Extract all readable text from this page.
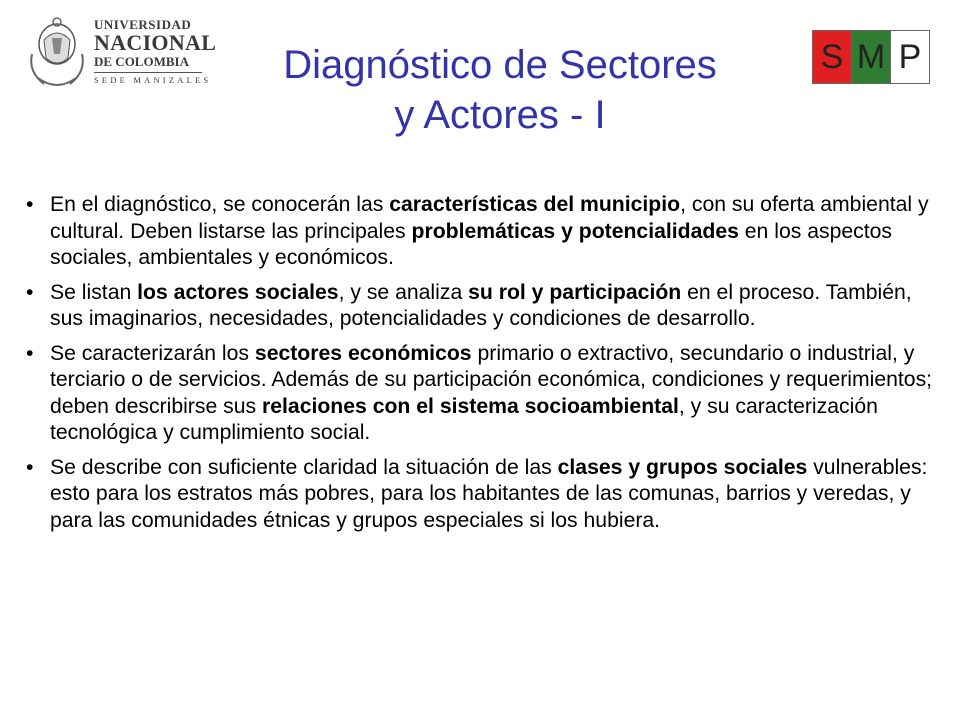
UNIVERSIDAD
NACIONAL
DE COLOMBIA
SEDE MANIZALES	Diagnóstico de Sectores
y Actores - I
S M P
• En el diagnóstico, se conocerán las características del municipio, con su oferta ambiental y cultural. Deben listarse las principales problemáticas y potencialidades en los aspectos sociales, ambientales y económicos.
• Se listan los actores sociales, y se analiza su rol y participación en el proceso. También, sus imaginarios, necesidades, potencialidades y condiciones de desarrollo.
• Se caracterizarán los sectores económicos primario o extractivo, secundario o industrial, y terciario o de servicios. Además de su participación económica, condiciones y requerimientos; deben describirse sus relaciones con el sistema socioambiental, y su caracterización tecnológica y cumplimiento social.
• Se describe con suficiente claridad la situación de las clases y grupos sociales vulnerables: esto para los estratos más pobres, para los habitantes de las comunas, barrios y veredas, y para las comunidades étnicas y grupos especiales si los hubiera.
